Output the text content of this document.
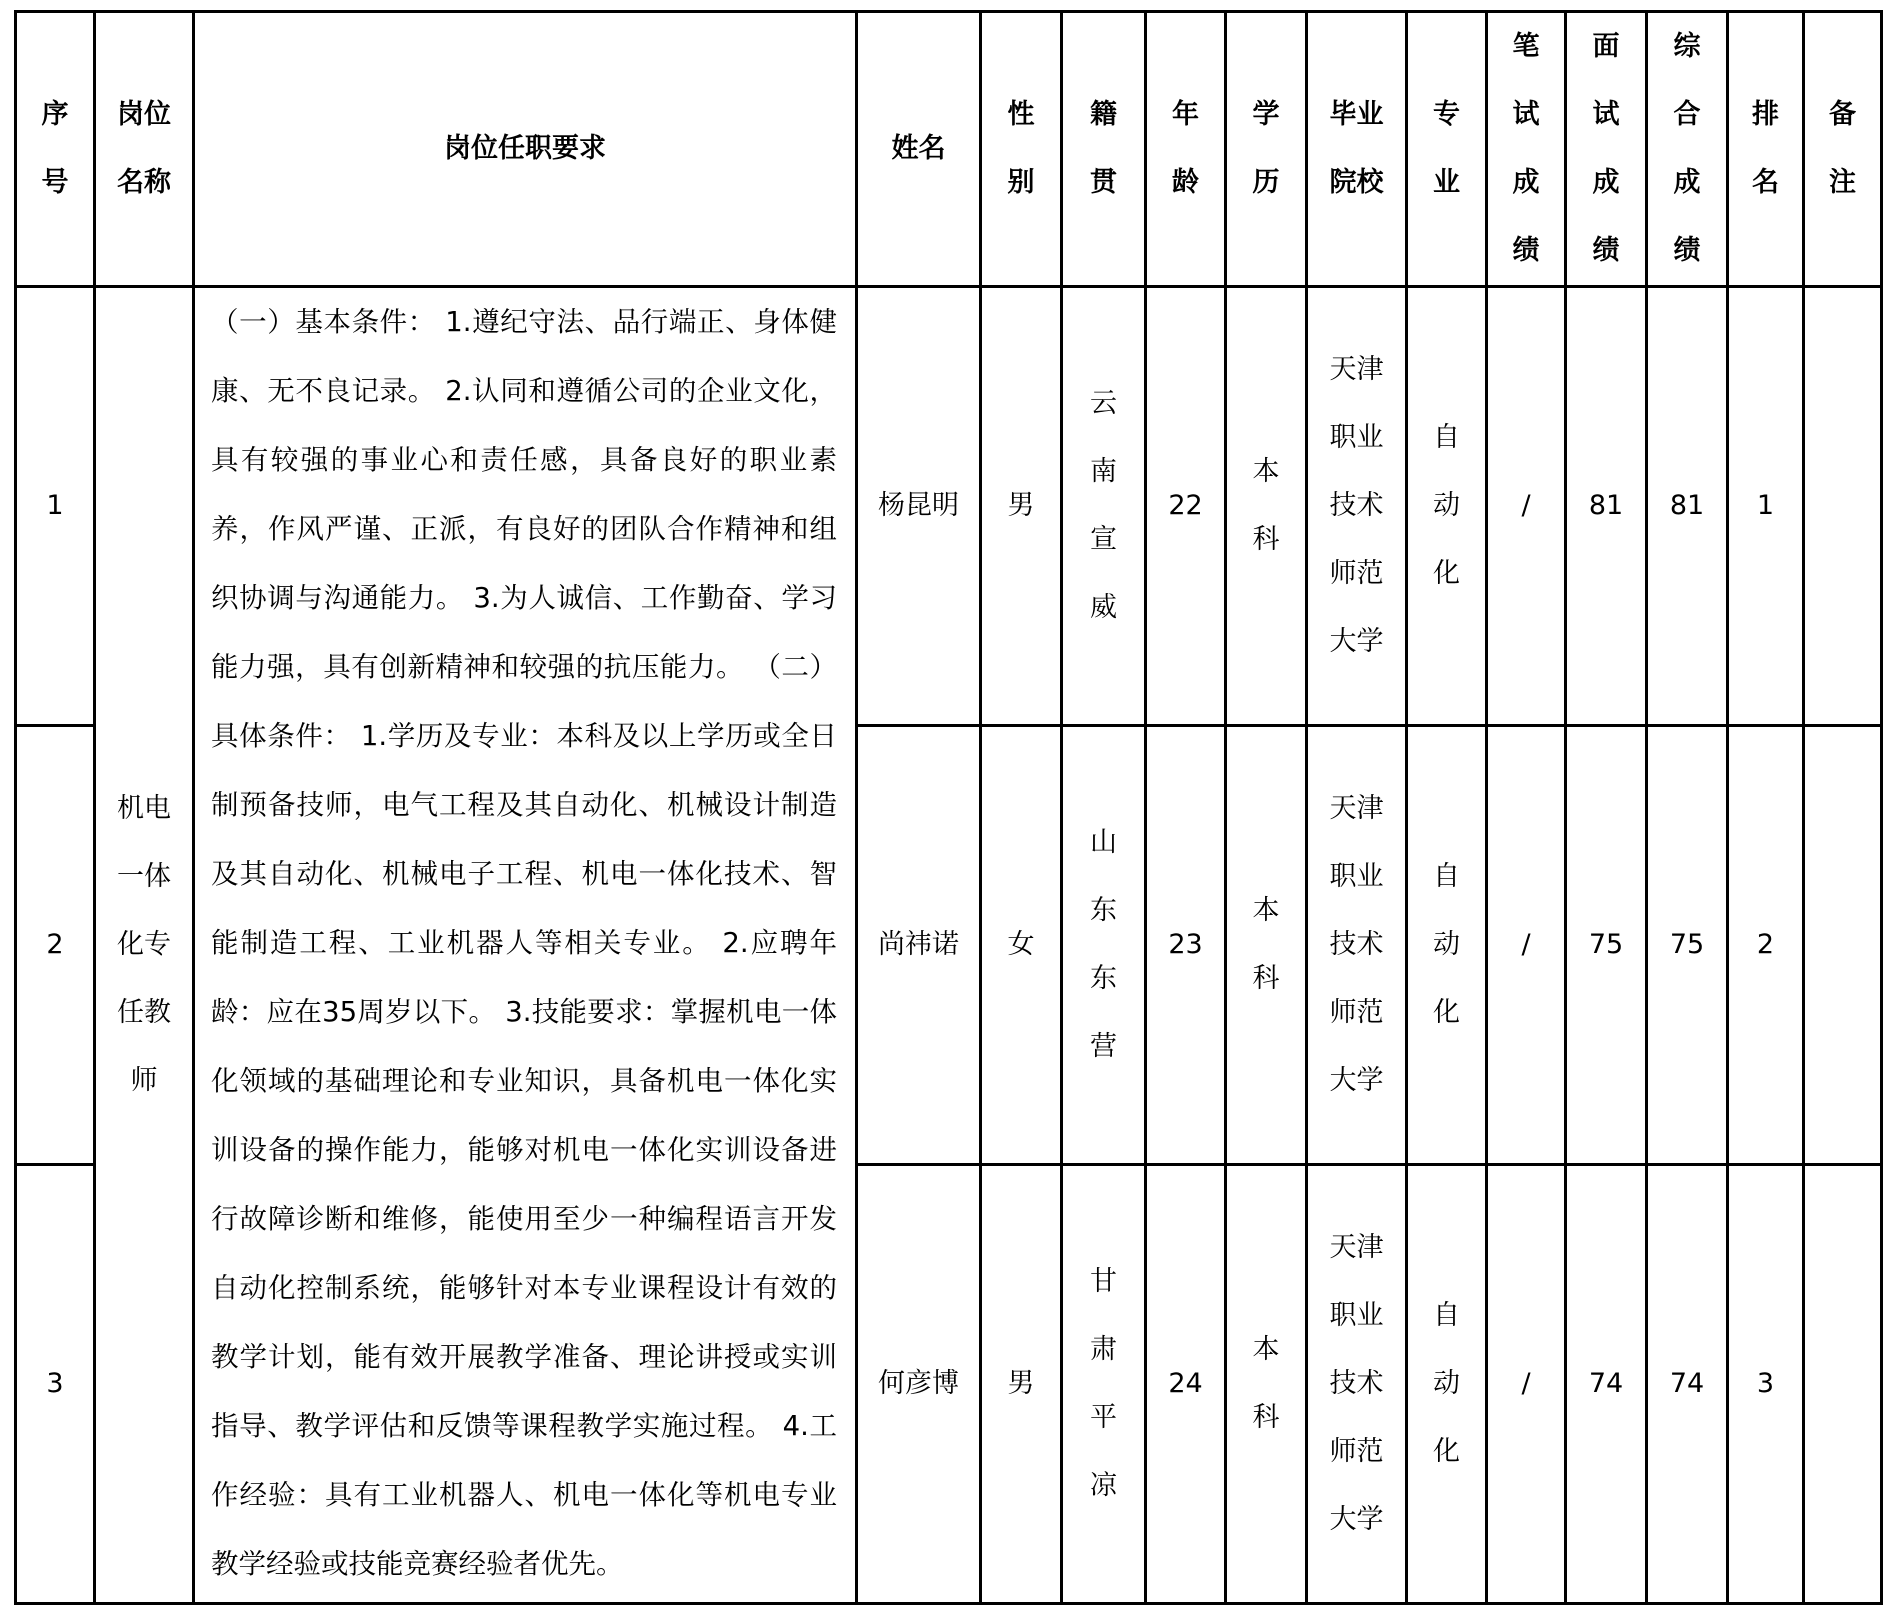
序号	岗位名称	岗位任职要求	姓名	性别	籍贯	年龄	学历	毕业院校	专业	笔试成绩	面试成绩	综合成绩	排名	备注
1	机电一体化专任教师	（一）基本条件： 1.遵纪守法、品行端正、身体健康、无不良记录。 2.认同和遵循公司的企业文化，具有较强的事业心和责任感，具备良好的职业素养，作风严谨、正派，有良好的团队合作精神和组织协调与沟通能力。 3.为人诚信、工作勤奋、学习能力强，具有创新精神和较强的抗压能力。 （二）具体条件： 1.学历及专业：本科及以上学历或全日制预备技师，电气工程及其自动化、机械设计制造及其自动化、机械电子工程、机电一体化技术、智能制造工程、工业机器人等相关专业。 2.应聘年龄：应在35周岁以下。 3.技能要求：掌握机电一体化领域的基础理论和专业知识，具备机电一体化实训设备的操作能力，能够对机电一体化实训设备进行故障诊断和维修，能使用至少一种编程语言开发自动化控制系统，能够针对本专业课程设计有效的教学计划，能有效开展教学准备、理论讲授或实训指导、教学评估和反馈等课程教学实施过程。 4.工作经验：具有工业机器人、机电一体化等机电专业教学经验或技能竞赛经验者优先。	杨昆明	男	云南宣威	22	本科	天津职业技术师范大学	自动化	/	81	81	1	
2			尚祎诺	女	山东东营	23	本科	天津职业技术师范大学	自动化	/	75	75	2	
3			何彦博	男	甘肃平凉	24	本科	天津职业技术师范大学	自动化	/	74	74	3	
